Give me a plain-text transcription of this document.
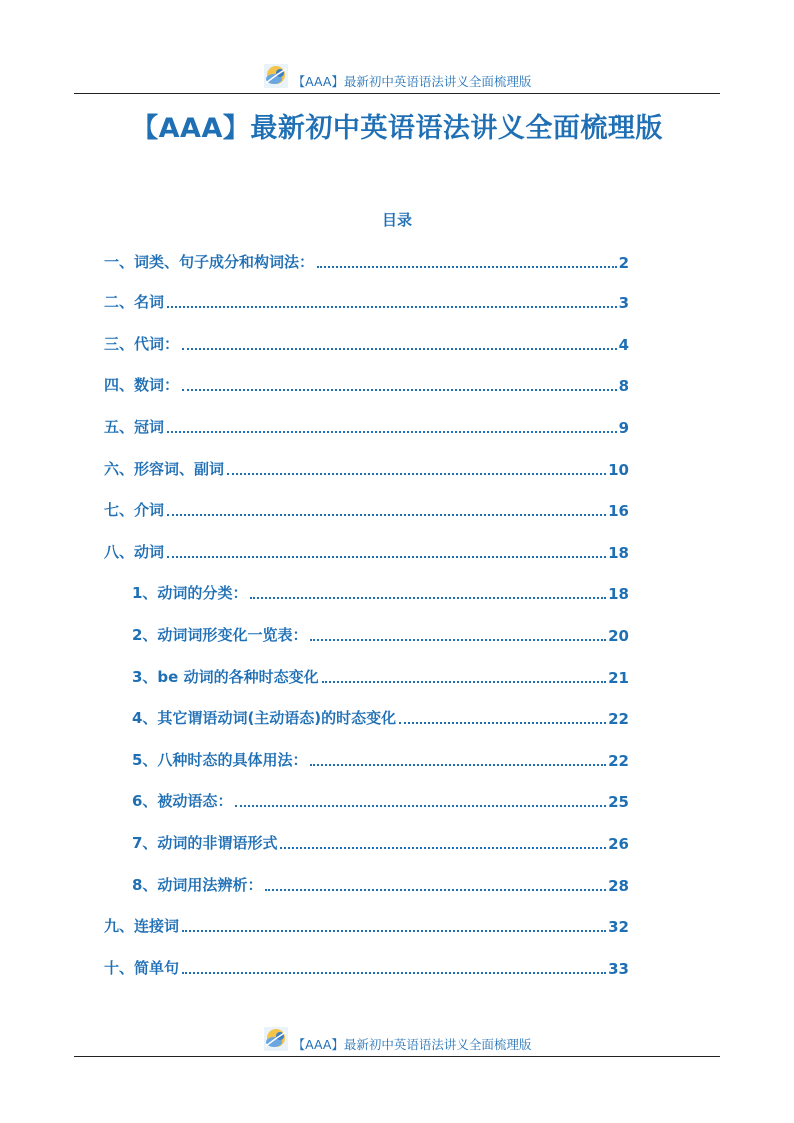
【AAA】最新初中英语语法讲义全面梳理版
【AAA】最新初中英语语法讲义全面梳理版
目录
一、词类、句子成分和构词法：	2
二、名词	3
三、代词：	4
四、数词：	8
五、冠词	9
六、形容词、副词	10
七、介词	16
八、动词	18
1、动词的分类：	18
2、动词词形变化一览表：	20
3、be 动词的各种时态变化	21
4、其它谓语动词(主动语态)的时态变化	22
5、八种时态的具体用法：	22
6、被动语态：	25
7、动词的非谓语形式	26
8、动词用法辨析：	28
九、连接词	32
十、简单句	33
【AAA】最新初中英语语法讲义全面梳理版
